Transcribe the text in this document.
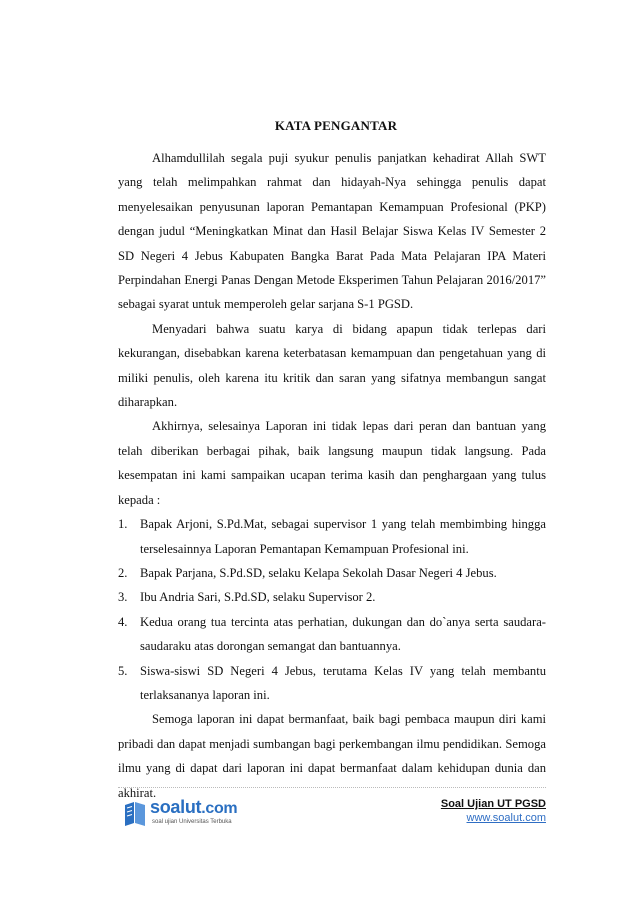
KATA PENGANTAR

Alhamdullilah segala puji syukur penulis panjatkan kehadirat Allah SWT yang telah melimpahkan rahmat dan hidayah-Nya sehingga penulis dapat menyelesaikan penyusunan laporan Pemantapan Kemampuan Profesional (PKP) dengan judul “Meningkatkan Minat dan Hasil Belajar Siswa Kelas IV Semester 2 SD Negeri 4 Jebus Kabupaten Bangka Barat Pada Mata Pelajaran IPA Materi Perpindahan Energi Panas Dengan Metode Eksperimen Tahun Pelajaran 2016/2017” sebagai syarat untuk memperoleh gelar sarjana S-1 PGSD.

Menyadari bahwa suatu karya di bidang apapun tidak terlepas dari kekurangan, disebabkan karena keterbatasan kemampuan dan pengetahuan yang di miliki penulis, oleh karena itu kritik dan saran yang sifatnya membangun sangat diharapkan.

Akhirnya, selesainya Laporan ini tidak lepas dari peran dan bantuan yang telah diberikan berbagai pihak, baik langsung maupun tidak langsung. Pada kesempatan ini kami sampaikan ucapan terima kasih dan penghargaan yang tulus kepada :

1. Bapak Arjoni, S.Pd.Mat, sebagai supervisor 1 yang telah membimbing hingga terselesainnya Laporan Pemantapan Kemampuan Profesional ini.
2. Bapak Parjana, S.Pd.SD, selaku Kelapa Sekolah Dasar Negeri 4 Jebus.
3. Ibu Andria Sari, S.Pd.SD, selaku Supervisor 2.
4. Kedua orang tua tercinta atas perhatian, dukungan dan do`anya serta saudara-saudaraku atas dorongan semangat dan bantuannya.
5. Siswa-siswi SD Negeri 4 Jebus, terutama Kelas IV yang telah membantu terlaksananya laporan ini.

Semoga laporan ini dapat bermanfaat, baik bagi pembaca maupun diri kami pribadi dan dapat menjadi sumbangan bagi perkembangan ilmu pendidikan. Semoga ilmu yang di dapat dari laporan ini dapat bermanfaat dalam kehidupan dunia dan akhirat.

soalut.com
soal ujian Universitas Terbuka
Soal Ujian UT PGSD
www.soalut.com
